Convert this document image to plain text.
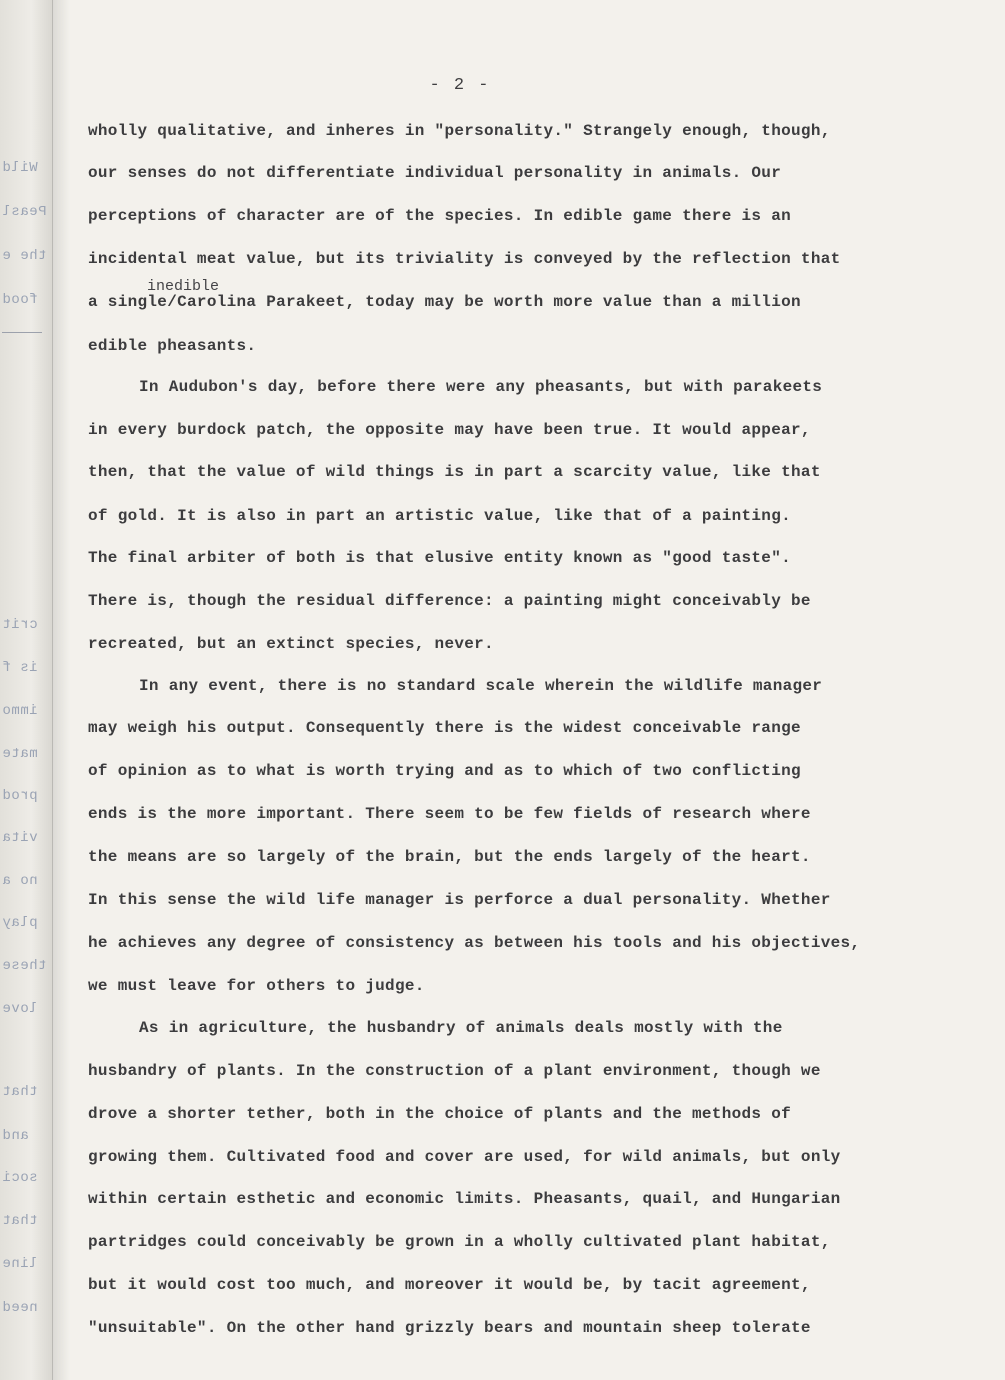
Wild
Peasl
the e
food
crit
is f
immo
mate
prod
vita
no a
play
these
love
that
and
soci
that
line
need
- 2 -
inedible
wholly qualitative, and inheres in "personality." Strangely enough, though,
our senses do not differentiate individual personality in animals. Our
perceptions of character are of the species. In edible game there is an
incidental meat value, but its triviality is conveyed by the reflection that
a single/Carolina Parakeet, today may be worth more value than a million
edible pheasants.
In Audubon's day, before there were any pheasants, but with parakeets
in every burdock patch, the opposite may have been true. It would appear,
then, that the value of wild things is in part a scarcity value, like that
of gold. It is also in part an artistic value, like that of a painting.
The final arbiter of both is that elusive entity known as "good taste".
There is, though the residual difference: a painting might conceivably be
recreated, but an extinct species, never.
In any event, there is no standard scale wherein the wildlife manager
may weigh his output. Consequently there is the widest conceivable range
of opinion as to what is worth trying and as to which of two conflicting
ends is the more important. There seem to be few fields of research where
the means are so largely of the brain, but the ends largely of the heart.
In this sense the wild life manager is perforce a dual personality. Whether
he achieves any degree of consistency as between his tools and his objectives,
we must leave for others to judge.
As in agriculture, the husbandry of animals deals mostly with the
husbandry of plants. In the construction of a plant environment, though we
drove a shorter tether, both in the choice of plants and the methods of
growing them. Cultivated food and cover are used, for wild animals, but only
within certain esthetic and economic limits. Pheasants, quail, and Hungarian
partridges could conceivably be grown in a wholly cultivated plant habitat,
but it would cost too much, and moreover it would be, by tacit agreement,
"unsuitable". On the other hand grizzly bears and mountain sheep tolerate
